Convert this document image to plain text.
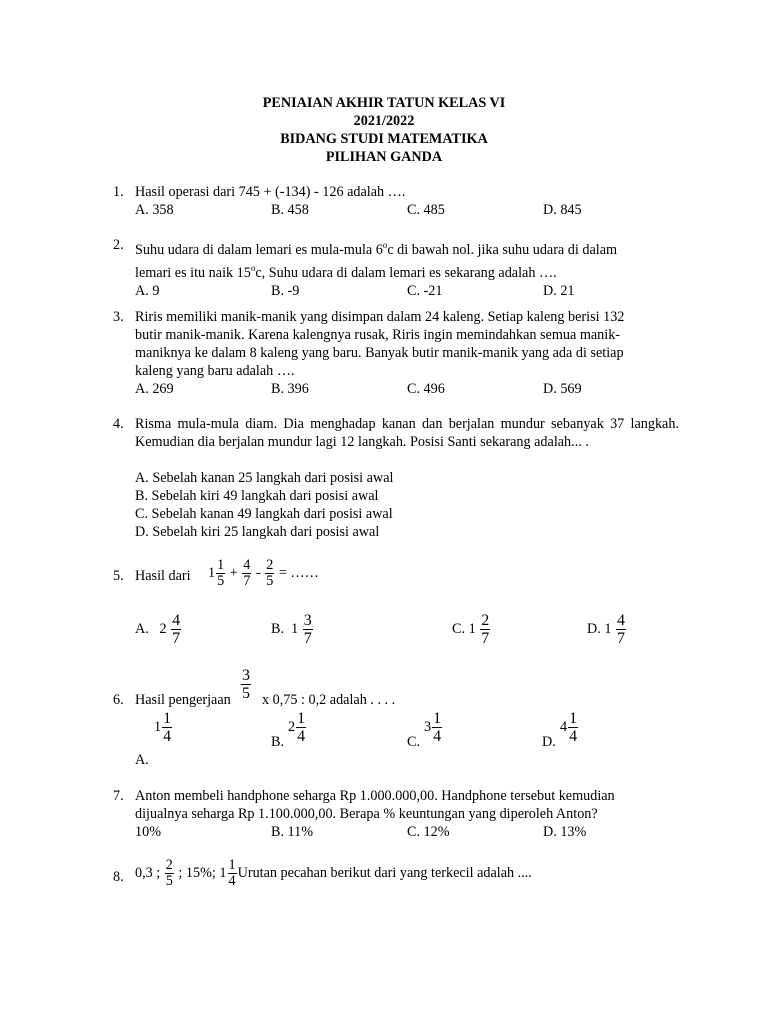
PENIAIAN AKHIR TATUN KELAS VI
2021/2022
BIDANG STUDI MATEMATIKA
PILIHAN GANDA
1. Hasil operasi dari 745 + (-134) - 126 adalah ….
A. 358	B. 458	C. 485	D. 845
2. Suhu udara di dalam lemari es mula-mula 6$^o$c di bawah nol. jika suhu udara di dalam
lemari es itu naik 15$^o$c, Suhu udara di dalam lemari es sekarang adalah ….
A. 9	B. -9	C. -21	D. 21
3. Riris memiliki manik-manik yang disimpan dalam 24 kaleng. Setiap kaleng berisi 132
butir manik-manik. Karena kalengnya rusak, Riris ingin memindahkan semua manik-
maniknya ke dalam 8 kaleng yang baru. Banyak butir manik-manik yang ada di setiap
kaleng yang baru adalah ….
A. 269	B. 396	C. 496	D. 569
4. Risma mula-mula diam. Dia menghadap kanan dan berjalan mundur sebanyak 37 langkah. Kemudian dia berjalan mundur lagi 12 langkah. Posisi Santi sekarang adalah... .
A. Sebelah kanan 25 langkah dari posisi awal
B. Sebelah kiri 49 langkah dari posisi awal
C. Sebelah kanan 49 langkah dari posisi awal
D. Sebelah kiri 25 langkah dari posisi awal
5. Hasil dari $1 \frac{1}{5} + \frac{4}{7} - \frac{2}{5}$ = ……
A. $2 \frac{4}{7}$	B. $1 \frac{3}{7}$	C. $1 \frac{2}{7}$	D. $1 \frac{4}{7}$
6. Hasil pengerjaan $\frac{3}{5}$ x 0,75 : 0,2 adalah . . . .
$1 \frac{1}{4}$
A.
B.
$2 \frac{1}{4}$	C.
$3 \frac{1}{4}$	D.
$4 \frac{1}{4}$
7. Anton membeli handphone seharga Rp 1.000.000,00. Handphone tersebut kemudian
dijualnya seharga Rp 1.100.000,00. Berapa % keuntungan yang diperoleh Anton?
10%	B. 11%	C. 12%	D. 13%
8. 0,3 ; $\frac{2}{5}$ ; 15%; $1 \frac{1}{4}$ Urutan pecahan berikut dari yang terkecil adalah ....
